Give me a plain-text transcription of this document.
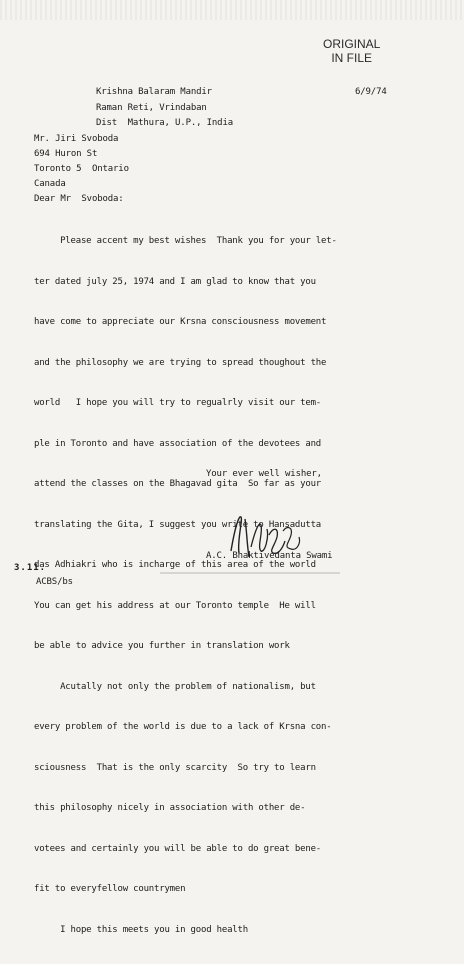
ORIGINAL
IN FILE
Krishna Balaram Mandir	6/9/74
Raman Reti, Vrindaban
Dist  Mathura, U.P., India
Mr. Jiri Svoboda
694 Huron St
Toronto 5  Ontario
Canada
Dear Mr  Svoboda:

Please accent my best wishes  Thank you for your let-

ter dated july 25, 1974 and I am glad to know that you

have come to appreciate our Krsna consciousness movement

and the philosophy we are trying to spread thoughout the

world   I hope you will try to regualrly visit our tem-

ple in Toronto and have association of the devotees and

attend the classes on the Bhagavad gita  So far as your

translating the Gita, I suggest you write to Hansadutta

das Adhiakri who is incharge of this area of the world

You can get his address at our Toronto temple  He will

be able to advice you further in translation work

Acutally not only the problem of nationalism, but

every problem of the world is due to a lack of Krsna con-

sciousness  That is the only scarcity  So try to learn

this philosophy nicely in association with other de-

votees and certainly you will be able to do great bene-

fit to everyfellow countrymen

I hope this meets you in good health

Your ever well wisher,
A.C. Bhaktivedanta Swami
3.11.
ACBS/bs
